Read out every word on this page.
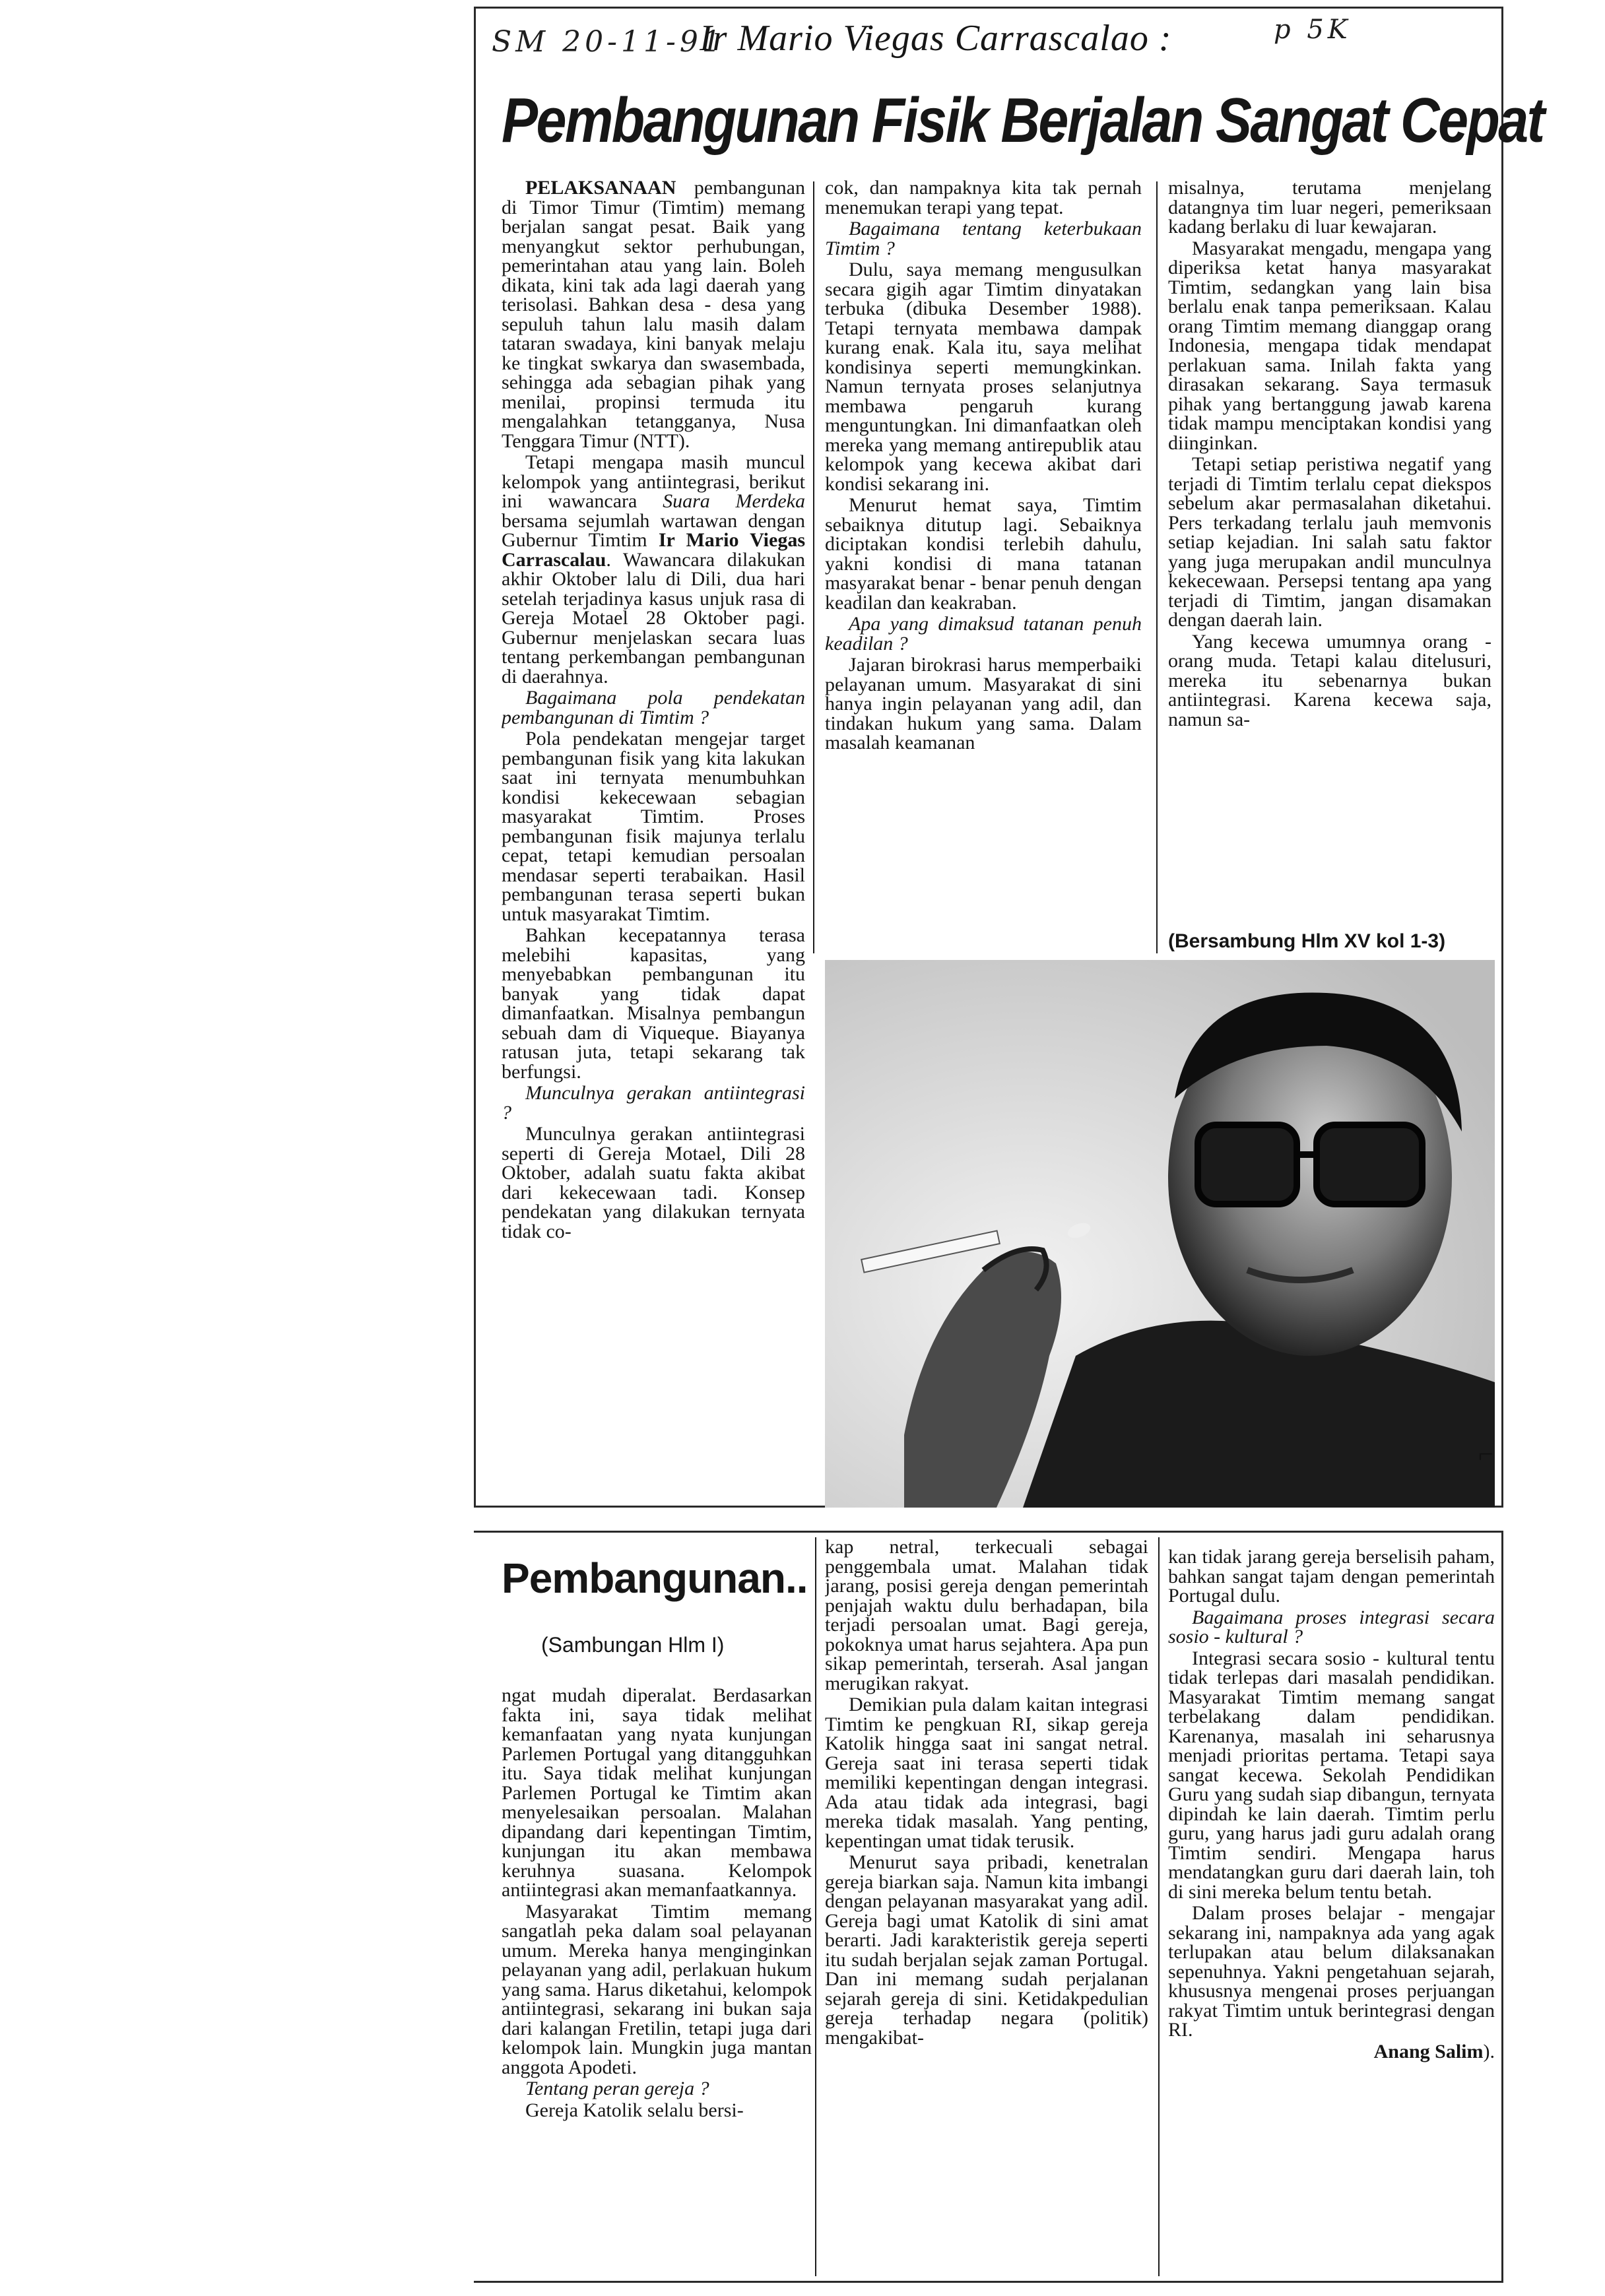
SM 20-11-91	p 5K
Ir Mario Viegas Carrascalao :
Pembangunan Fisik Berjalan Sangat Cepat

PELAKSANAAN pembangunan di Timor Timur (Timtim) memang berjalan sangat pesat. Baik yang menyangkut sektor perhubungan, pemerintahan atau yang lain. Boleh dikata, kini tak ada lagi daerah yang terisolasi. Bahkan desa - desa yang sepuluh tahun lalu masih dalam tataran swadaya, kini banyak melaju ke tingkat swkarya dan swasembada, sehingga ada sebagian pihak yang menilai, propinsi termuda itu mengalahkan tetangganya, Nusa Tenggara Timur (NTT).

Tetapi mengapa masih muncul kelompok yang antiintegrasi, berikut ini wawancara Suara Merdeka bersama sejumlah wartawan dengan Gubernur Timtim Ir Mario Viegas Carrascalau. Wawancara dilakukan akhir Oktober lalu di Dili, dua hari setelah terjadinya kasus unjuk rasa di Gereja Motael 28 Oktober pagi. Gubernur menjelaskan secara luas tentang perkembangan pembangunan di daerahnya.

Bagaimana pola pendekatan pembangunan di Timtim ?

Pola pendekatan mengejar target pembangunan fisik yang kita lakukan saat ini ternyata menumbuhkan kondisi kekecewaan sebagian masyarakat Timtim. Proses pembangunan fisik majunya terlalu cepat, tetapi kemudian persoalan mendasar seperti terabaikan. Hasil pembangunan terasa seperti bukan untuk masyarakat Timtim.

Bahkan kecepatannya terasa melebihi kapasitas, yang menyebabkan pembangunan itu banyak yang tidak dapat dimanfaatkan. Misalnya pembangun sebuah dam di Viqueque. Biayanya ratusan juta, tetapi sekarang tak berfungsi.

Munculnya gerakan antiintegrasi ?

Munculnya gerakan antiintegrasi seperti di Gereja Motael, Dili 28 Oktober, adalah suatu fakta akibat dari kekecewaan tadi. Konsep pendekatan yang dilakukan ternyata tidak co-

cok, dan nampaknya kita tak pernah menemukan terapi yang tepat.

Bagaimana tentang keterbukaan Timtim ?

Dulu, saya memang mengusulkan secara gigih agar Timtim dinyatakan terbuka (dibuka Desember 1988). Tetapi ternyata membawa dampak kurang enak. Kala itu, saya melihat kondisinya seperti memungkinkan. Namun ternyata proses selanjutnya membawa pengaruh kurang menguntungkan. Ini dimanfaatkan oleh mereka yang memang antirepublik atau kelompok yang kecewa akibat dari kondisi sekarang ini.

Menurut hemat saya, Timtim sebaiknya ditutup lagi. Sebaiknya diciptakan kondisi terlebih dahulu, yakni kondisi di mana tatanan masyarakat benar - benar penuh dengan keadilan dan keakraban.

Apa yang dimaksud tatanan penuh keadilan ?

Jajaran birokrasi harus memperbaiki pelayanan umum. Masyarakat di sini hanya ingin pelayanan yang adil, dan tindakan hukum yang sama. Dalam masalah keamanan

misalnya, terutama menjelang datangnya tim luar negeri, pemeriksaan kadang berlaku di luar kewajaran.

Masyarakat mengadu, mengapa yang diperiksa ketat hanya masyarakat Timtim, sedangkan yang lain bisa berlalu enak tanpa pemeriksaan. Kalau orang Timtim memang dianggap orang Indonesia, mengapa tidak mendapat perlakuan sama. Inilah fakta yang dirasakan sekarang. Saya termasuk pihak yang bertanggung jawab karena tidak mampu menciptakan kondisi yang diinginkan.

Tetapi setiap peristiwa negatif yang terjadi di Timtim terlalu cepat diekspos sebelum akar permasalahan diketahui. Pers terkadang terlalu jauh memvonis setiap kejadian. Ini salah satu faktor yang juga merupakan andil munculnya kekecewaan. Persepsi tentang apa yang terjadi di Timtim, jangan disamakan dengan daerah lain.

Yang kecewa umumnya orang - orang muda. Tetapi kalau ditelusuri, mereka itu sebenarnya bukan antiintegrasi. Karena kecewa saja, namun sa-

(Bersambung Hlm XV kol 1-3)
Pembangunan..
(Sambungan Hlm I)

ngat mudah diperalat. Berdasarkan fakta ini, saya tidak melihat kemanfaatan yang nyata kunjungan Parlemen Portugal yang ditangguhkan itu. Saya tidak melihat kunjungan Parlemen Portugal ke Timtim akan menyelesaikan persoalan. Malahan dipandang dari kepentingan Timtim, kunjungan itu akan membawa keruhnya suasana. Kelompok antiintegrasi akan memanfaatkannya.

Masyarakat Timtim memang sangatlah peka dalam soal pelayanan umum. Mereka hanya menginginkan pelayanan yang adil, perlakuan hukum yang sama. Harus diketahui, kelompok antiintegrasi, sekarang ini bukan saja dari kalangan Fretilin, tetapi juga dari kelompok lain. Mungkin juga mantan anggota Apodeti.

Tentang peran gereja ?

Gereja Katolik selalu bersi-

kap netral, terkecuali sebagai penggembala umat. Malahan tidak jarang, posisi gereja dengan pemerintah penjajah waktu dulu berhadapan, bila terjadi persoalan umat. Bagi gereja, pokoknya umat harus sejahtera. Apa pun sikap pemerintah, terserah. Asal jangan merugikan rakyat.

Demikian pula dalam kaitan integrasi Timtim ke pengkuan RI, sikap gereja Katolik hingga saat ini sangat netral. Gereja saat ini terasa seperti tidak memiliki kepentingan dengan integrasi. Ada atau tidak ada integrasi, bagi mereka tidak masalah. Yang penting, kepentingan umat tidak terusik.

Menurut saya pribadi, kenetralan gereja biarkan saja. Namun kita imbangi dengan pelayanan masyarakat yang adil. Gereja bagi umat Katolik di sini amat berarti. Jadi karakteristik gereja seperti itu sudah berjalan sejak zaman Portugal. Dan ini memang sudah perjalanan sejarah gereja di sini. Ketidakpedulian gereja terhadap negara (politik) mengakibat-

kan tidak jarang gereja berselisih paham, bahkan sangat tajam dengan pemerintah Portugal dulu.

Bagaimana proses integrasi secara sosio - kultural ?

Integrasi secara sosio - kultural tentu tidak terlepas dari masalah pendidikan. Masyarakat Timtim memang sangat terbelakang dalam pendidikan. Karenanya, masalah ini seharusnya menjadi prioritas pertama. Tetapi saya sangat kecewa. Sekolah Pendidikan Guru yang sudah siap dibangun, ternyata dipindah ke lain daerah. Timtim perlu guru, yang harus jadi guru adalah orang Timtim sendiri. Mengapa harus mendatangkan guru dari daerah lain, toh di sini mereka belum tentu betah.

Dalam proses belajar - mengajar sekarang ini, nampaknya ada yang agak terlupakan atau belum dilaksanakan sepenuhnya. Yakni pengetahuan sejarah, khususnya mengenai proses perjuangan rakyat Timtim untuk berintegrasi dengan RI.

Anang Salim).

⌐
